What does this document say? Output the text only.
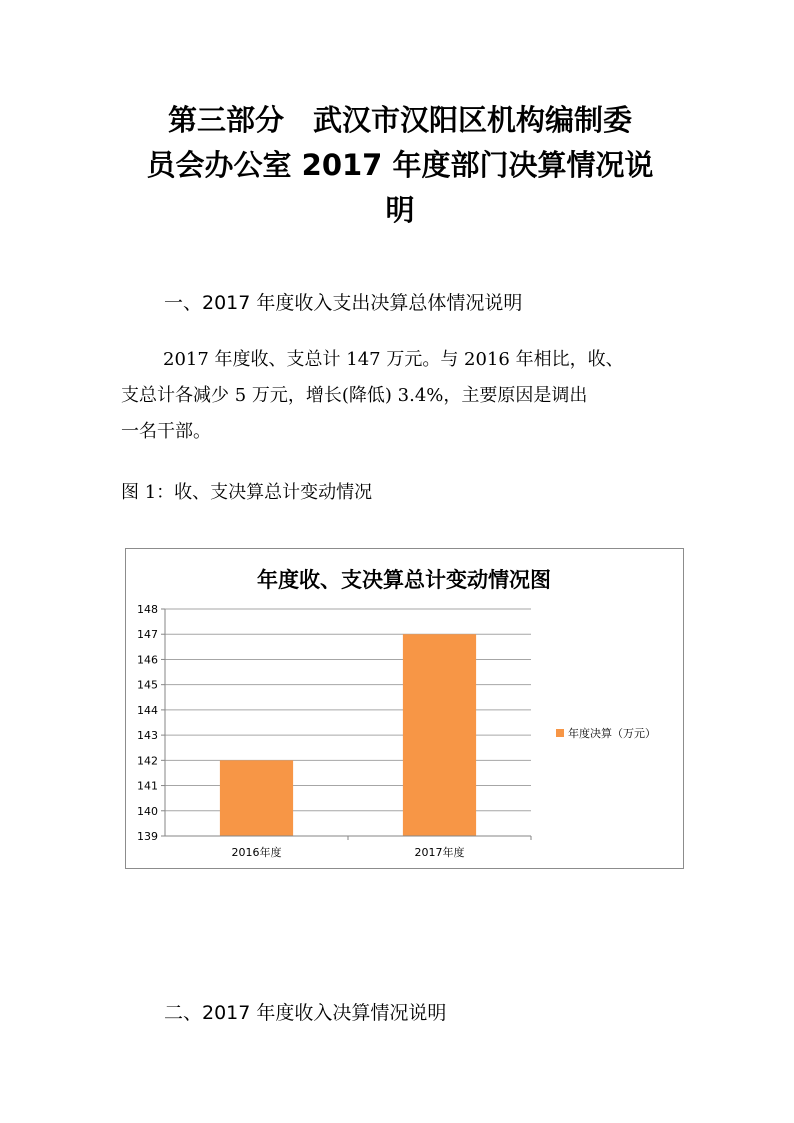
第三部分　武汉市汉阳区机构编制委
员会办公室 2017 年度部门决算情况说
明
一、2017 年度收入支出决算总体情况说明

2017 年度收、支总计 147 万元。与 2016 年相比，收、
支总计各减少 5 万元，增长(降低) 3.4%，主要原因是调出
一名干部。

图 1：收、支决算总计变动情况

年度收、支决算总计变动情况图
139
140
141
142
143
144
145
146
147
148
2016年度	2017年度
年度决算（万元）
二、2017 年度收入决算情况说明
